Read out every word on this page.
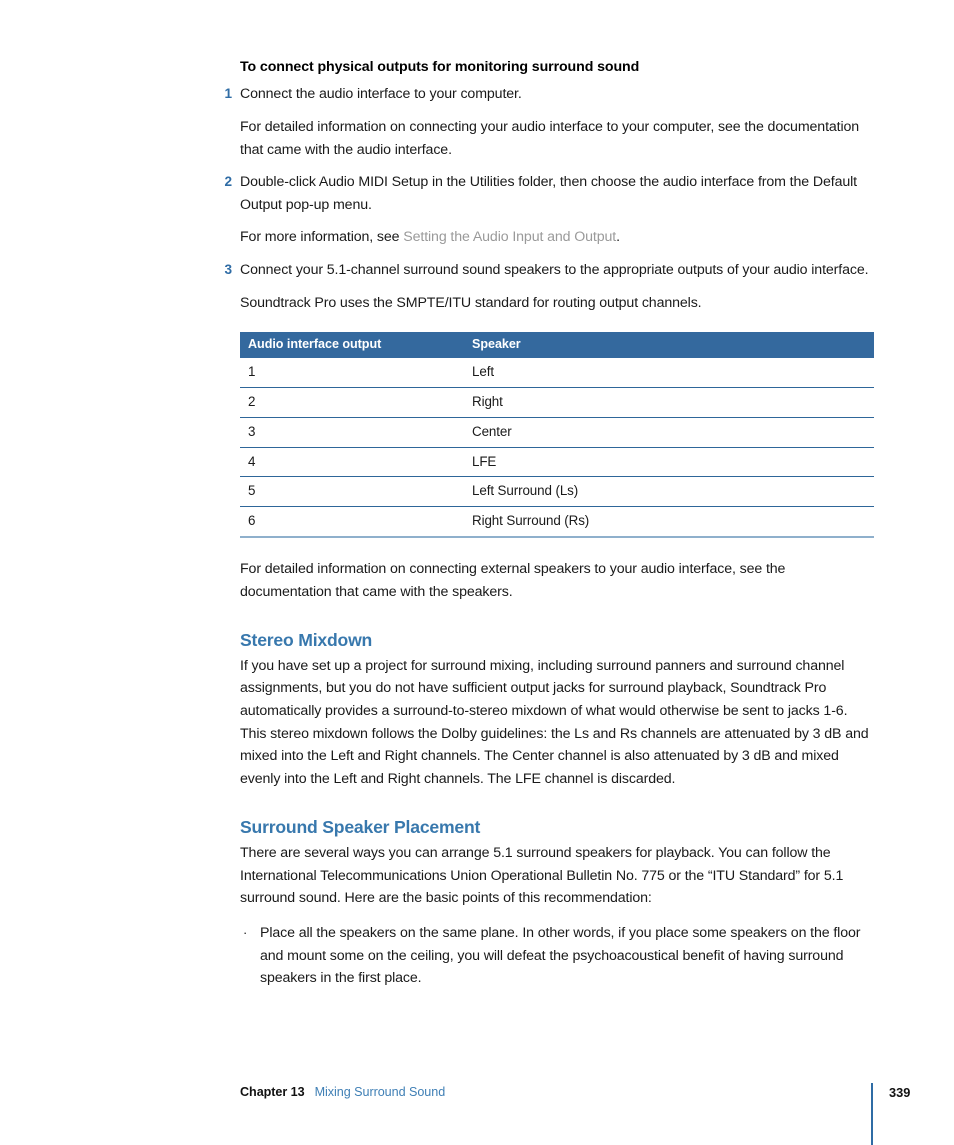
To connect physical outputs for monitoring surround sound
1 Connect the audio interface to your computer.
For detailed information on connecting your audio interface to your computer, see the documentation that came with the audio interface.
2 Double-click Audio MIDI Setup in the Utilities folder, then choose the audio interface from the Default Output pop-up menu.
For more information, see Setting the Audio Input and Output.
3 Connect your 5.1-channel surround sound speakers to the appropriate outputs of your audio interface.
Soundtrack Pro uses the SMPTE/ITU standard for routing output channels.
Audio interface output	Speaker
1	Left
2	Right
3	Center
4	LFE
5	Left Surround (Ls)
6	Right Surround (Rs)
For detailed information on connecting external speakers to your audio interface, see the documentation that came with the speakers.
Stereo Mixdown
If you have set up a project for surround mixing, including surround panners and surround channel assignments, but you do not have sufficient output jacks for surround playback, Soundtrack Pro automatically provides a surround-to-stereo mixdown of what would otherwise be sent to jacks 1-6. This stereo mixdown follows the Dolby guidelines: the Ls and Rs channels are attenuated by 3 dB and mixed into the Left and Right channels. The Center channel is also attenuated by 3 dB and mixed evenly into the Left and Right channels. The LFE channel is discarded.
Surround Speaker Placement
There are several ways you can arrange 5.1 surround speakers for playback. You can follow the International Telecommunications Union Operational Bulletin No. 775 or the “ITU Standard” for 5.1 surround sound. Here are the basic points of this recommendation:
· Place all the speakers on the same plane. In other words, if you place some speakers on the floor and mount some on the ceiling, you will defeat the psychoacoustical benefit of having surround speakers in the first place.
Chapter 13 Mixing Surround Sound	339
